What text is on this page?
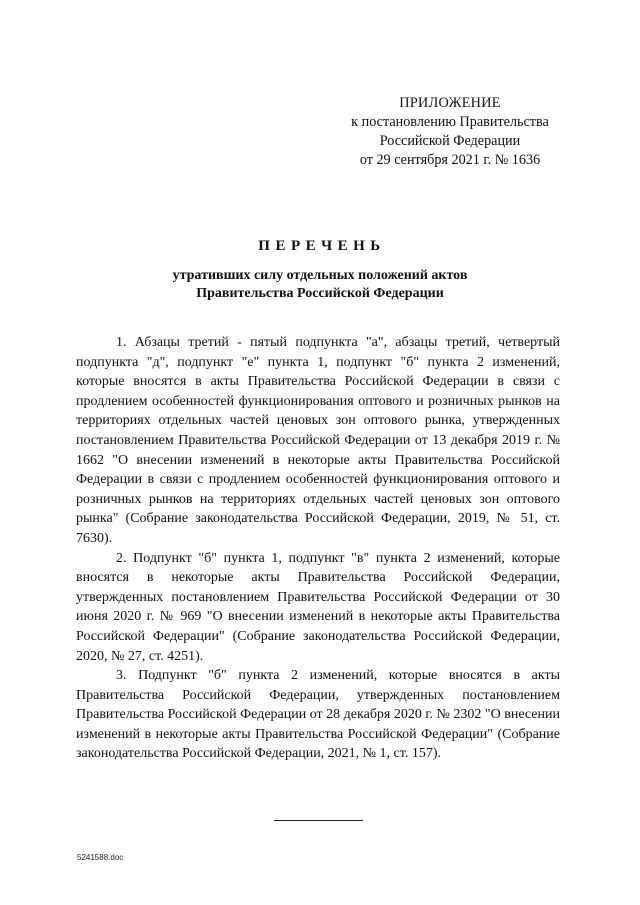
ПРИЛОЖЕНИЕ
к постановлению Правительства
Российской Федерации
от 29 сентября 2021 г. № 1636
ПЕРЕЧЕНЬ
утративших силу отдельных положений актов
Правительства Российской Федерации

1. Абзацы третий - пятый подпункта "а", абзацы третий, четвертый подпункта "д", подпункт "е" пункта 1, подпункт "б" пункта 2 изменений, которые вносятся в акты Правительства Российской Федерации в связи с продлением особенностей функционирования оптового и розничных рынков на территориях отдельных частей ценовых зон оптового рынка, утвержденных постановлением Правительства Российской Федерации от 13 декабря 2019 г. № 1662 "О внесении изменений в некоторые акты Правительства Российской Федерации в связи с продлением особенностей функционирования оптового и розничных рынков на территориях отдельных частей ценовых зон оптового рынка" (Собрание законодательства Российской Федерации, 2019, № 51, ст. 7630).

2. Подпункт "б" пункта 1, подпункт "в" пункта 2 изменений, которые вносятся в некоторые акты Правительства Российской Федерации, утвержденных постановлением Правительства Российской Федерации от 30 июня 2020 г. № 969 "О внесении изменений в некоторые акты Правительства Российской Федерации" (Собрание законодательства Российской Федерации, 2020, № 27, ст. 4251).

3. Подпункт "б" пункта 2 изменений, которые вносятся в акты Правительства Российской Федерации, утвержденных постановлением Правительства Российской Федерации от 28 декабря 2020 г. № 2302 "О внесении изменений в некоторые акты Правительства Российской Федерации" (Собрание законодательства Российской Федерации, 2021, № 1, ст. 157).

5241588.doc
